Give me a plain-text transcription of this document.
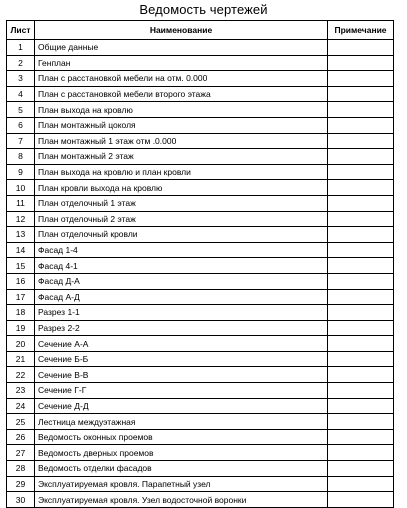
Ведомость чертежей
Лист	Наименование	Примечание
1	Общие данные	
2	Генплан	
3	План с расстановкой мебели на отм. 0.000	
4	План с расстановкой мебели второго этажа	
5	План выхода на кровлю	
6	План монтажный цоколя	
7	План монтажный 1 этаж отм .0.000	
8	План монтажный 2 этаж	
9	План выхода на кровлю и план кровли	
10	План кровли выхода на кровлю	
11	План отделочный 1 этаж	
12	План отделочный 2 этаж	
13	План отделочный кровли	
14	Фасад 1-4	
15	Фасад 4-1	
16	Фасад Д-А	
17	Фасад А-Д	
18	Разрез 1-1	
19	Разрез 2-2	
20	Сечение А-А	
21	Сечение Б-Б	
22	Сечение В-В	
23	Сечение Г-Г	
24	Сечение Д-Д	
25	Лестница междуэтажная	
26	Ведомость оконных проемов	
27	Ведомость дверных проемов	
28	Ведомость отделки фасадов	
29	Эксплуатируемая кровля. Парапетный узел	
30	Эксплуатируемая кровля. Узел водосточной воронки	
